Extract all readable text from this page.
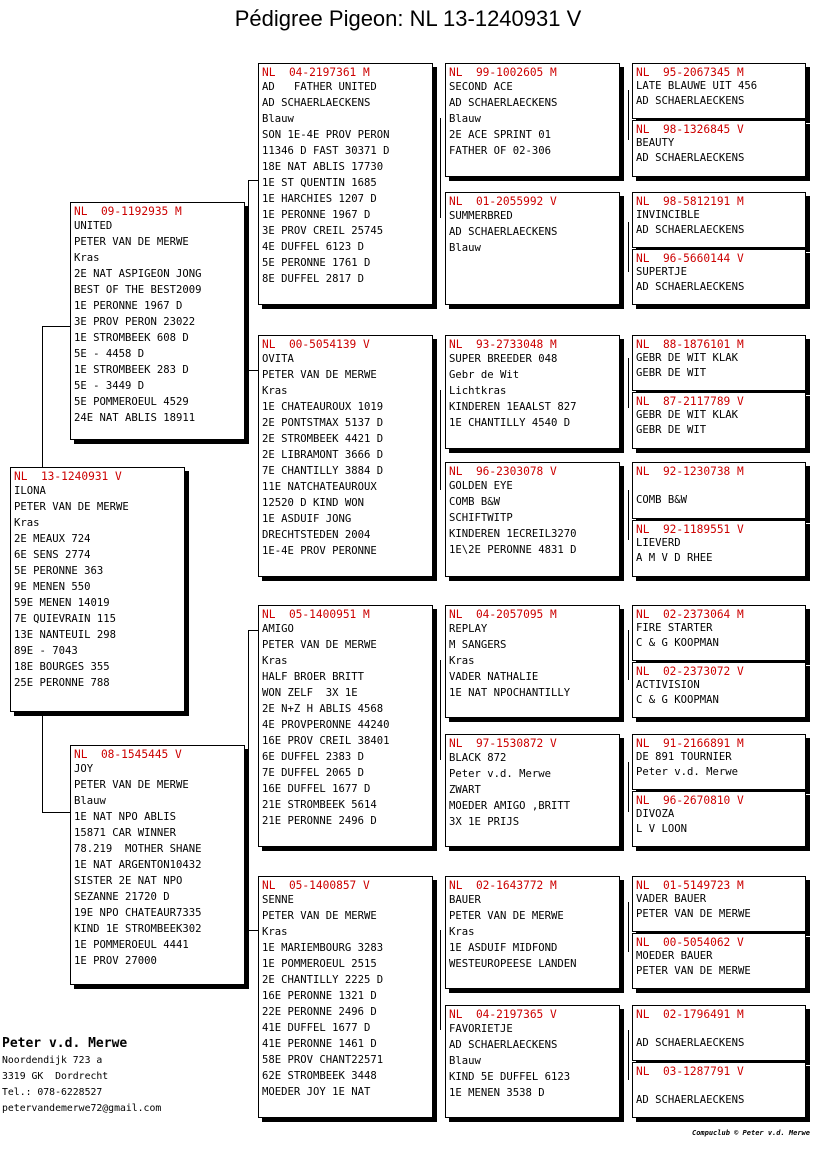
Pédigree Pigeon: NL 13-1240931 V
NL  13-1240931 V
ILONA
PETER VAN DE MERWE
Kras
2E MEAUX 724
6E SENS 2774
5E PERONNE 363
9E MENEN 550
59E MENEN 14019
7E QUIEVRAIN 115
13E NANTEUIL 298
89E - 7043
18E BOURGES 355
25E PERONNE 788
NL  09-1192935 M
UNITED
PETER VAN DE MERWE
Kras
2E NAT ASPIGEON JONG
BEST OF THE BEST2009
1E PERONNE 1967 D
3E PROV PERON 23022
1E STROMBEEK 608 D
5E - 4458 D
1E STROMBEEK 283 D
5E - 3449 D
5E POMMEROEUL 4529
24E NAT ABLIS 18911
NL  08-1545445 V
JOY
PETER VAN DE MERWE
Blauw
1E NAT NPO ABLIS
15871 CAR WINNER
78.219  MOTHER SHANE
1E NAT ARGENTON10432
SISTER 2E NAT NPO
SEZANNE 21720 D
19E NPO CHATEAUR7335
KIND 1E STROMBEEK302
1E POMMEROEUL 4441
1E PROV 27000
NL  04-2197361 M
AD   FATHER UNITED
AD SCHAERLAECKENS
Blauw
SON 1E-4E PROV PERON
11346 D FAST 30371 D
18E NAT ABLIS 17730
1E ST QUENTIN 1685
1E HARCHIES 1207 D
1E PERONNE 1967 D
3E PROV CREIL 25745
4E DUFFEL 6123 D
5E PERONNE 1761 D
8E DUFFEL 2817 D
NL  00-5054139 V
OVITA
PETER VAN DE MERWE
Kras
1E CHATEAUROUX 1019
2E PONTSTMAX 5137 D
2E STROMBEEK 4421 D
2E LIBRAMONT 3666 D
7E CHANTILLY 3884 D
11E NATCHATEAUROUX
12520 D KIND WON
1E ASDUIF JONG
DRECHTSTEDEN 2004
1E-4E PROV PERONNE
NL  05-1400951 M
AMIGO
PETER VAN DE MERWE
Kras
HALF BROER BRITT
WON ZELF  3X 1E
2E N+Z H ABLIS 4568
4E PROVPERONNE 44240
16E PROV CREIL 38401
6E DUFFEL 2383 D
7E DUFFEL 2065 D
16E DUFFEL 1677 D
21E STROMBEEK 5614
21E PERONNE 2496 D
NL  05-1400857 V
SENNE
PETER VAN DE MERWE
Kras
1E MARIEMBOURG 3283
1E POMMEROEUL 2515
2E CHANTILLY 2225 D
16E PERONNE 1321 D
22E PERONNE 2496 D
41E DUFFEL 1677 D
41E PERONNE 1461 D
58E PROV CHANT22571
62E STROMBEEK 3448
MOEDER JOY 1E NAT
NL  99-1002605 M
SECOND ACE
AD SCHAERLAECKENS
Blauw
2E ACE SPRINT 01
FATHER OF 02-306
NL  01-2055992 V
SUMMERBRED
AD SCHAERLAECKENS
Blauw
NL  93-2733048 M
SUPER BREEDER 048
Gebr de Wit
Lichtkras
KINDEREN 1EAALST 827
1E CHANTILLY 4540 D
NL  96-2303078 V
GOLDEN EYE
COMB B&W
SCHIFTWITP
KINDEREN 1ECREIL3270
1E\2E PERONNE 4831 D
NL  04-2057095 M
REPLAY
M SANGERS
Kras
VADER NATHALIE
1E NAT NPOCHANTILLY
NL  97-1530872 V
BLACK 872
Peter v.d. Merwe
ZWART
MOEDER AMIGO ,BRITT
3X 1E PRIJS
NL  02-1643772 M
BAUER
PETER VAN DE MERWE
Kras
1E ASDUIF MIDFOND
WESTEUROPEESE LANDEN
NL  04-2197365 V
FAVORIETJE
AD SCHAERLAECKENS
Blauw
KIND 5E DUFFEL 6123
1E MENEN 3538 D
NL  95-2067345 M
LATE BLAUWE UIT 456
AD SCHAERLAECKENS
NL  98-1326845 V
BEAUTY
AD SCHAERLAECKENS
NL  98-5812191 M
INVINCIBLE
AD SCHAERLAECKENS
NL  96-5660144 V
SUPERTJE
AD SCHAERLAECKENS
NL  88-1876101 M
GEBR DE WIT KLAK
GEBR DE WIT
NL  87-2117789 V
GEBR DE WIT KLAK
GEBR DE WIT
NL  92-1230738 M

COMB B&W
NL  92-1189551 V
LIEVERD
A M V D RHEE
NL  02-2373064 M
FIRE STARTER
C & G KOOPMAN
NL  02-2373072 V
ACTIVISION
C & G KOOPMAN
NL  91-2166891 M
DE 891 TOURNIER
Peter v.d. Merwe
NL  96-2670810 V
DIVOZA
L V LOON
NL  01-5149723 M
VADER BAUER
PETER VAN DE MERWE
NL  00-5054062 V
MOEDER BAUER
PETER VAN DE MERWE
NL  02-1796491 M

AD SCHAERLAECKENS
NL  03-1287791 V

AD SCHAERLAECKENS
Peter v.d. Merwe
Noordendijk 723 a
3319 GK  Dordrecht
Tel.: 078-6228527
petervandemerwe72@gmail.com
Compuclub © Peter v.d. Merwe
